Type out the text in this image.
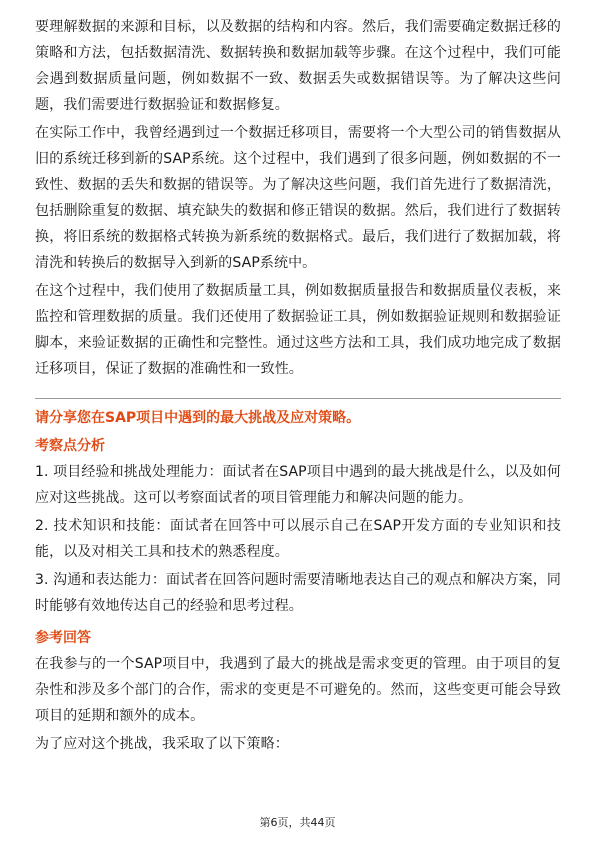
要理解数据的来源和目标，以及数据的结构和内容。然后，我们需要确定数据迁移的策略和方法，包括数据清洗、数据转换和数据加载等步骤。在这个过程中，我们可能会遇到数据质量问题，例如数据不一致、数据丢失或数据错误等。为了解决这些问题，我们需要进行数据验证和数据修复。

在实际工作中，我曾经遇到过一个数据迁移项目，需要将一个大型公司的销售数据从旧的系统迁移到新的SAP系统。这个过程中，我们遇到了很多问题，例如数据的不一致性、数据的丢失和数据的错误等。为了解决这些问题，我们首先进行了数据清洗，包括删除重复的数据、填充缺失的数据和修正错误的数据。然后，我们进行了数据转换，将旧系统的数据格式转换为新系统的数据格式。最后，我们进行了数据加载，将清洗和转换后的数据导入到新的SAP系统中。

在这个过程中，我们使用了数据质量工具，例如数据质量报告和数据质量仪表板，来监控和管理数据的质量。我们还使用了数据验证工具，例如数据验证规则和数据验证脚本，来验证数据的正确性和完整性。通过这些方法和工具，我们成功地完成了数据迁移项目，保证了数据的准确性和一致性。

请分享您在SAP项目中遇到的最大挑战及应对策略。

考察点分析

1. 项目经验和挑战处理能力：面试者在SAP项目中遇到的最大挑战是什么，以及如何应对这些挑战。这可以考察面试者的项目管理能力和解决问题的能力。

2. 技术知识和技能：面试者在回答中可以展示自己在SAP开发方面的专业知识和技能，以及对相关工具和技术的熟悉程度。

3. 沟通和表达能力：面试者在回答问题时需要清晰地表达自己的观点和解决方案，同时能够有效地传达自己的经验和思考过程。

参考回答

在我参与的一个SAP项目中，我遇到了最大的挑战是需求变更的管理。由于项目的复杂性和涉及多个部门的合作，需求的变更是不可避免的。然而，这些变更可能会导致项目的延期和额外的成本。

为了应对这个挑战，我采取了以下策略：

第6页，共44页
